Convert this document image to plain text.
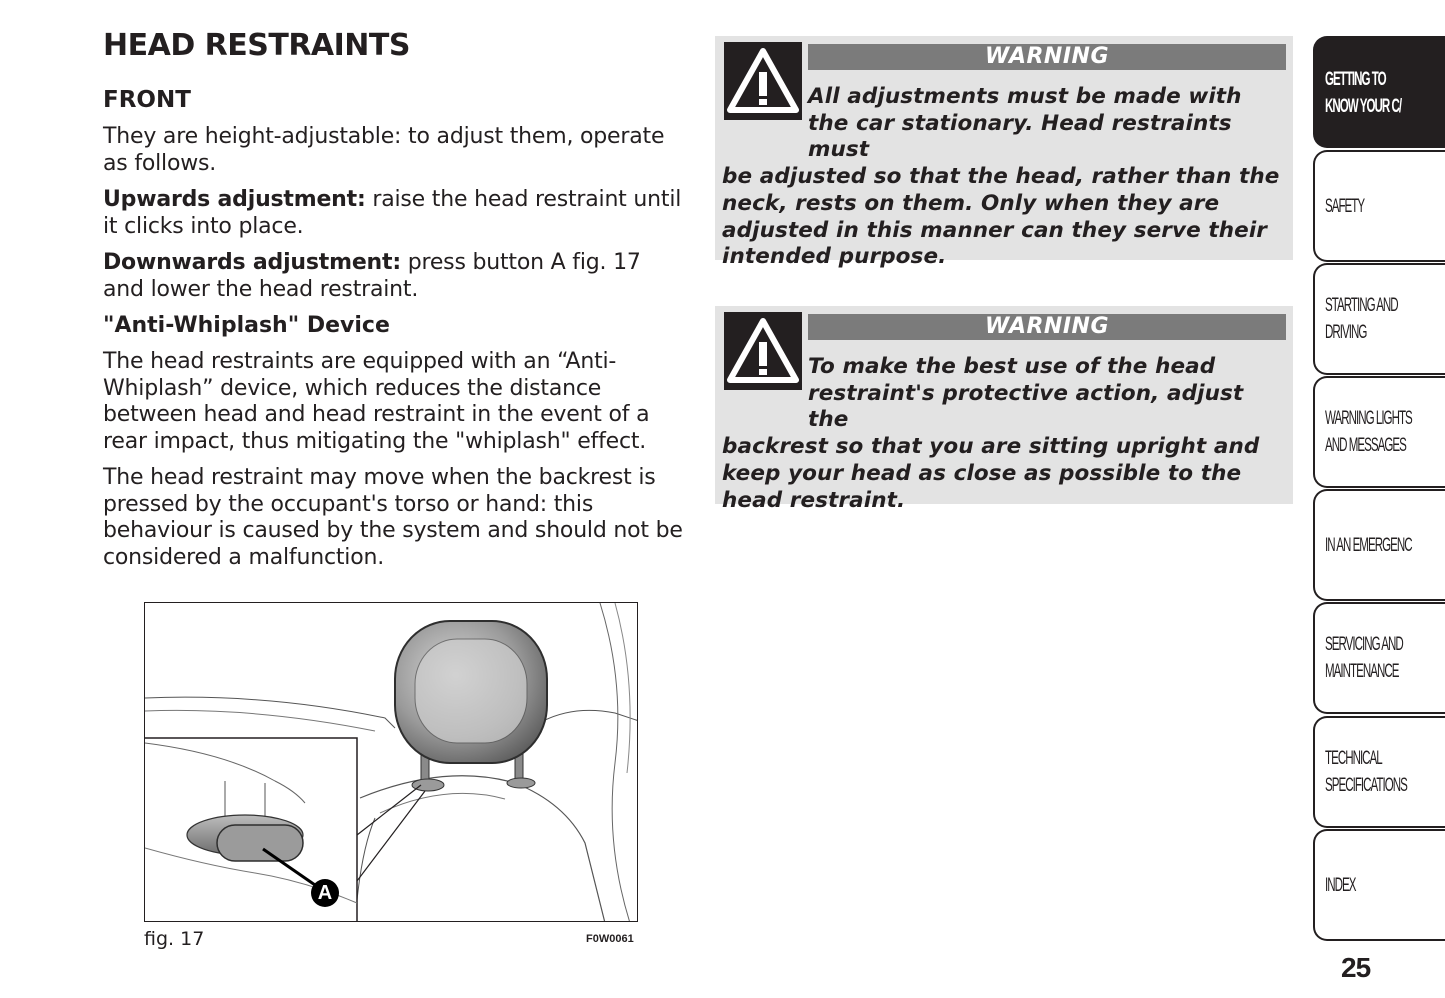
HEAD RESTRAINTS
FRONT

They are height-adjustable: to adjust them, operate as follows.

Upwards adjustment: raise the head restraint until it clicks into place.

Downwards adjustment: press button A fig. 17 and lower the head restraint.

"Anti-Whiplash" Device

The head restraints are equipped with an “Anti-Whiplash” device, which reduces the distance between head and head restraint in the event of a rear impact, thus mitigating the "whiplash" effect.

The head restraint may move when the backrest is pressed by the occupant's torso or hand: this behaviour is caused by the system and should not be considered a malfunction.

A
fig. 17	F0W0061
WARNING
All adjustments must be made with the car stationary. Head restraints must
be adjusted so that the head, rather than the neck, rests on them. Only when they are adjusted in this manner can they serve their intended purpose.
WARNING
To make the best use of the head restraint's protective action, adjust the
backrest so that you are sitting upright and keep your head as close as possible to the head restraint.
GETTING TO
KNOW YOUR C/
SAFETY
STARTING AND
DRIVING
WARNING LIGHTS
AND MESSAGES
IN AN EMERGENC
SERVICING AND
MAINTENANCE
TECHNICAL
SPECIFICATIONS
INDEX
25
